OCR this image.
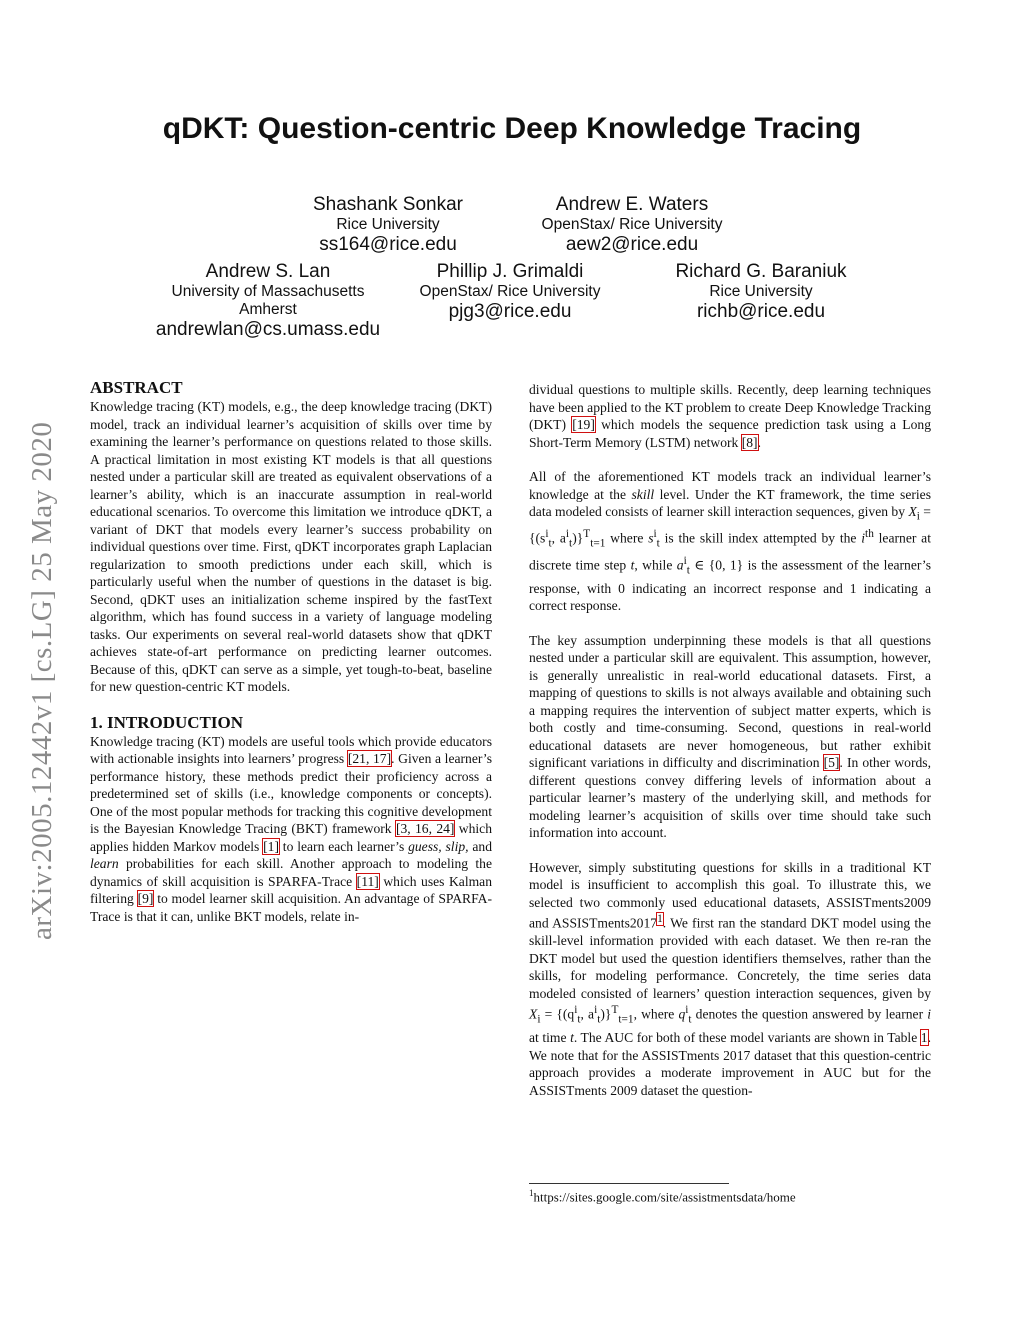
arXiv:2005.12442v1 [cs.LG] 25 May 2020
qDKT: Question-centric Deep Knowledge Tracing
Shashank Sonkar
Rice University
ss164@rice.edu
Andrew E. Waters
OpenStax/ Rice University
aew2@rice.edu
Andrew S. Lan
University of Massachusetts
Amherst
andrewlan@cs.umass.edu
Phillip J. Grimaldi
OpenStax/ Rice University
pjg3@rice.edu
Richard G. Baraniuk
Rice University
richb@rice.edu
ABSTRACT

Knowledge tracing (KT) models, e.g., the deep knowledge tracing (DKT) model, track an individual learner’s acquisition of skills over time by examining the learner’s performance on questions related to those skills. A practical limitation in most existing KT models is that all questions nested under a particular skill are treated as equivalent observations of a learner’s ability, which is an inaccurate assumption in real-world educational scenarios. To overcome this limitation we introduce qDKT, a variant of DKT that models every learner’s success probability on individual questions over time. First, qDKT incorporates graph Laplacian regularization to smooth predictions under each skill, which is particularly useful when the number of questions in the dataset is big. Second, qDKT uses an initialization scheme inspired by the fastText algorithm, which has found success in a variety of language modeling tasks. Our experiments on several real-world datasets show that qDKT achieves state-of-art performance on predicting learner outcomes. Because of this, qDKT can serve as a simple, yet tough-to-beat, baseline for new question-centric KT models.

1. INTRODUCTION

Knowledge tracing (KT) models are useful tools which provide educators with actionable insights into learners’ progress [21, 17]. Given a learner’s performance history, these methods predict their proficiency across a predetermined set of skills (i.e., knowledge components or concepts). One of the most popular methods for tracking this cognitive development is the Bayesian Knowledge Tracing (BKT) framework [3, 16, 24] which applies hidden Markov models [1] to learn each learner’s guess, slip, and learn probabilities for each skill. Another approach to modeling the dynamics of skill acquisition is SPARFA-Trace [11] which uses Kalman filtering [9] to model learner skill acquisition. An advantage of SPARFA-Trace is that it can, unlike BKT models, relate in-

dividual questions to multiple skills. Recently, deep learning techniques have been applied to the KT problem to create Deep Knowledge Tracking (DKT) [19] which models the sequence prediction task using a Long Short-Term Memory (LSTM) network [8].

All of the aforementioned KT models track an individual learner’s knowledge at the skill level. Under the KT framework, the time series data modeled consists of learner skill interaction sequences, given by $X_i = \{(s^i_t$, $a^i_t)\}^T_{t=1}$ where $s^i_t$ is the skill index attempted by the $i^{th}$ learner at discrete time step t, while $a^i_t$ ∈ {0, 1} is the assessment of the learner’s response, with 0 indicating an incorrect response and 1 indicating a correct response.

The key assumption underpinning these models is that all questions nested under a particular skill are equivalent. This assumption, however, is generally unrealistic in real-world educational datasets. First, a mapping of questions to skills is not always available and obtaining such a mapping requires the intervention of subject matter experts, which is both costly and time-consuming. Second, questions in real-world educational datasets are never homogeneous, but rather exhibit significant variations in difficulty and discrimination [5]. In other words, different questions convey differing levels of information about a particular learner’s mastery of the underlying skill, and methods for modeling learner’s acquisition of skills over time should take such information into account.

However, simply substituting questions for skills in a traditional KT model is insufficient to accomplish this goal. To illustrate this, we selected two commonly used educational datasets, ASSISTments2009 and ASSISTments2017$^1$. We first ran the standard DKT model using the skill-level information provided with each dataset. We then re-ran the DKT model but used the question identifiers themselves, rather than the skills, for modeling performance. Concretely, the time series data modeled consisted of learners’ question interaction sequences, given by $X_i = \{(q^i_t$, $a^i_t)\}^T_{t=1}$, where $q^i_t$ denotes the question answered by learner i at time t. The AUC for both of these model variants are shown in Table 1. We note that for the ASSISTments 2017 dataset that this question-centric approach provides a moderate improvement in AUC but for the ASSISTments 2009 dataset the question-

$^1$https://sites.google.com/site/assistmentsdata/home
